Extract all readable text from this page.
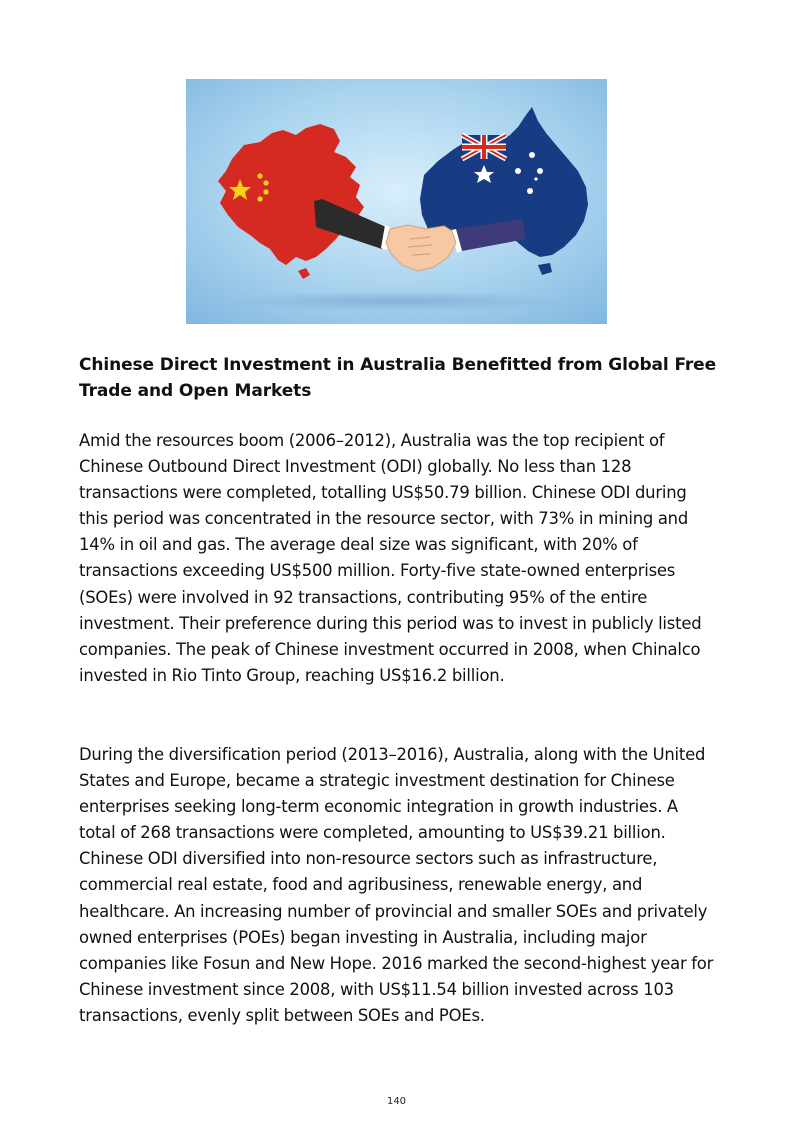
Chinese Direct Investment in Australia Benefitted from Global Free Trade and Open Markets

Amid the resources boom (2006–2012), Australia was the top recipient of Chinese Outbound Direct Investment (ODI) globally. No less than 128 transactions were completed, totalling US$50.79 billion. Chinese ODI during this period was concentrated in the resource sector, with 73% in mining and 14% in oil and gas. The average deal size was significant, with 20% of transactions exceeding US$500 million. Forty-five state-owned enterprises (SOEs) were involved in 92 transactions, contributing 95% of the entire investment. Their preference during this period was to invest in publicly listed companies. The peak of Chinese investment occurred in 2008, when Chinalco invested in Rio Tinto Group, reaching US$16.2 billion.

During the diversification period (2013–2016), Australia, along with the United States and Europe, became a strategic investment destination for Chinese enterprises seeking long-term economic integration in growth industries. A total of 268 transactions were completed, amounting to US$39.21 billion. Chinese ODI diversified into non-resource sectors such as infrastructure, commercial real estate, food and agribusiness, renewable energy, and healthcare. An increasing number of provincial and smaller SOEs and privately owned enterprises (POEs) began investing in Australia, including major companies like Fosun and New Hope. 2016 marked the second-highest year for Chinese investment since 2008, with US$11.54 billion invested across 103 transactions, evenly split between SOEs and POEs.

140
